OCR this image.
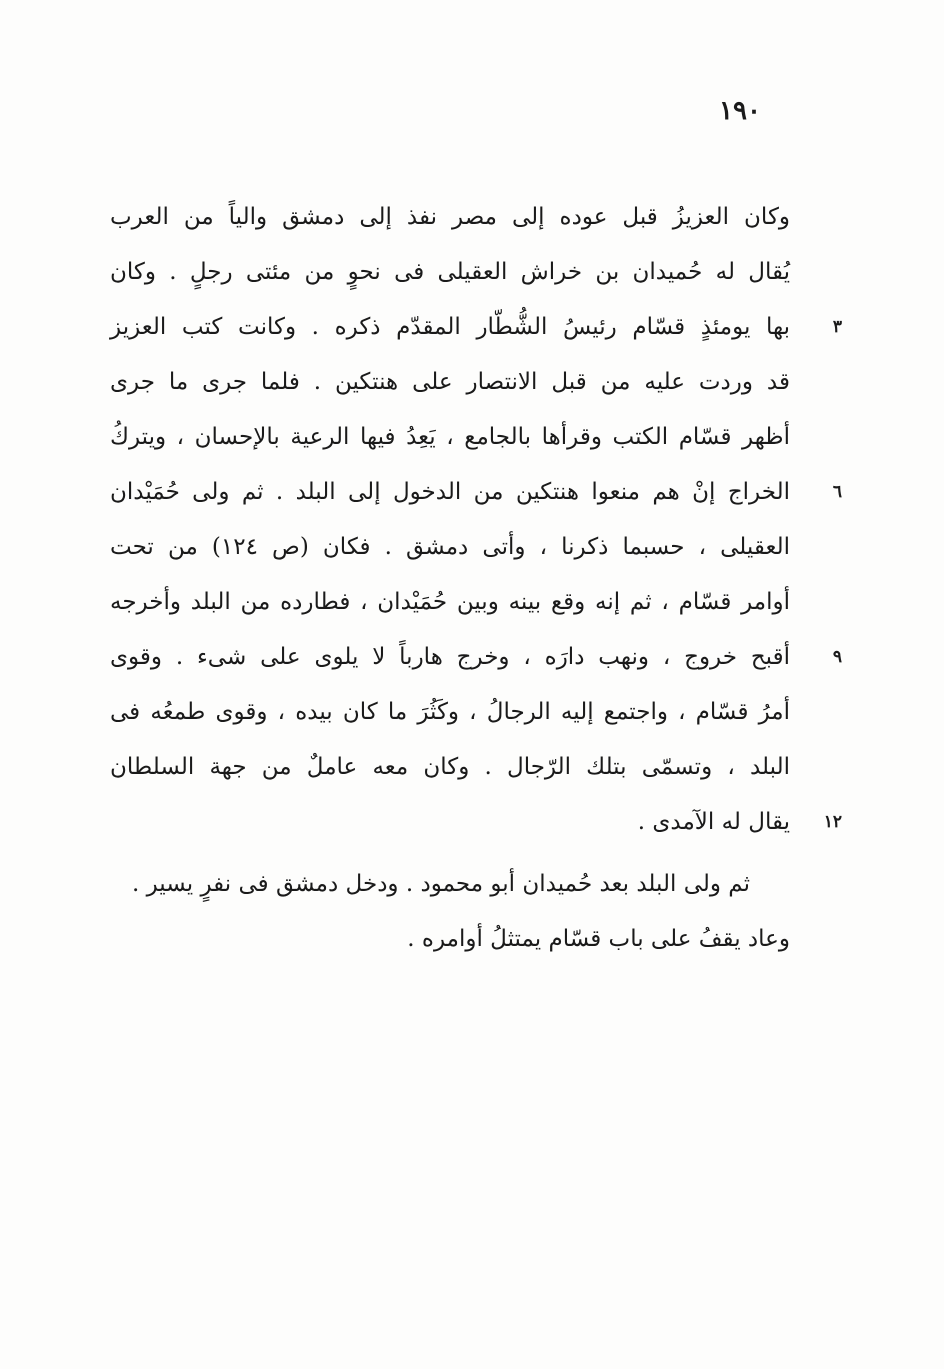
١٩٠
وكان العزيزُ قبل عوده إلى مصر نفذ إلى دمشق والياً من العرب
يُقال له حُميدان بن خراش العقيلى فى نحوٍ من مئتى رجلٍ . وكان
٣
بها يومئذٍ قسّام رئيسُ الشُّطّار المقدّم ذكره . وكانت كتب العزيز
قد وردت عليه من قبل الانتصار على هنتكين . فلما جرى ما جرى
أظهر قسّام الكتب وقرأها بالجامع ، يَعِدُ فيها الرعية بالإحسان ، ويتركُ
٦
الخراج إنْ هم منعوا هنتكين من الدخول إلى البلد . ثم ولى حُمَيْدان
العقيلى ، حسبما ذكرنا ، وأتى دمشق . فكان (ص ١٢٤) من تحت
أوامر قسّام ، ثم إنه وقع بينه وبين حُمَيْدان ، فطارده من البلد وأخرجه
٩
أقبح خروج ، ونهب دارَه ، وخرج هارباً لا يلوى على شىء . وقوى
أمرُ قسّام ، واجتمع إليه الرجالُ ، وكَثُرَ ما كان بيده ، وقوى طمعُه فى
البلد ، وتسمّى بتلك الرّجال . وكان معه عاملٌ من جهة السلطان
١٢
يقال له الآمدى .
ثم ولى البلد بعد حُميدان أبو محمود . ودخل دمشق فى نفرٍ يسير .
وعاد يقفُ على باب قسّام يمتثلُ أوامره .
